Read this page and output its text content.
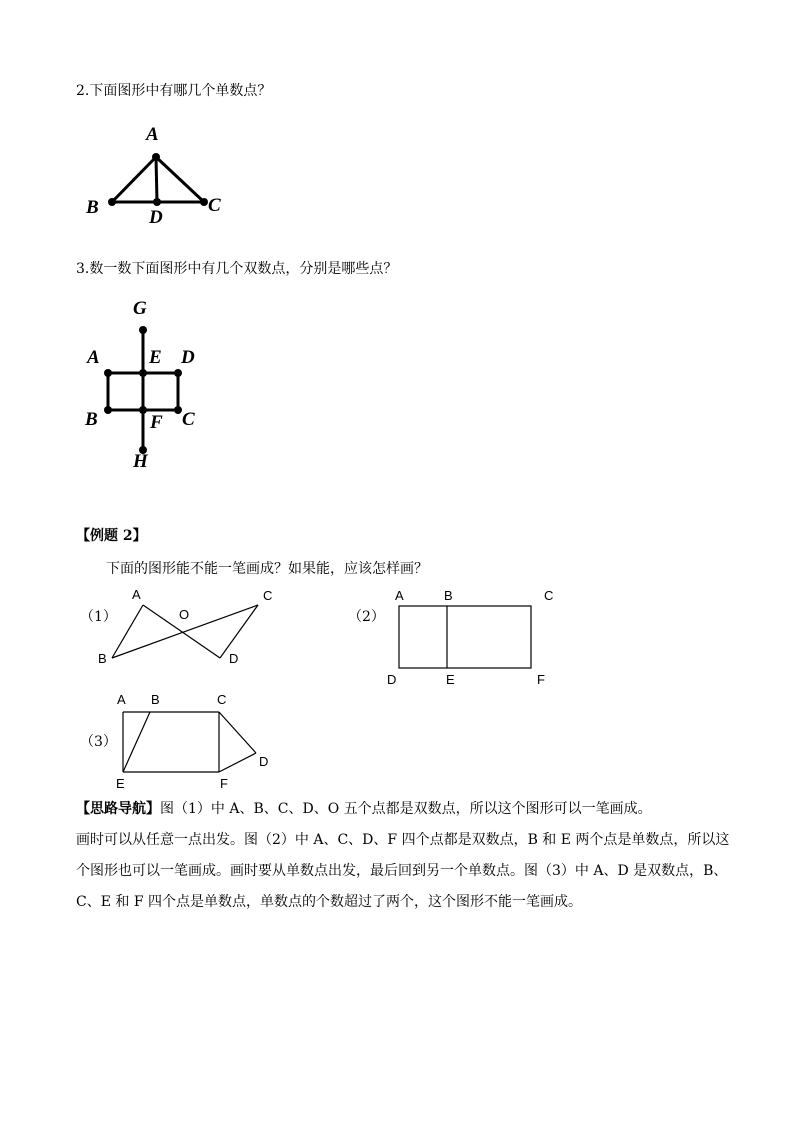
2.下面图形中有哪几个单数点？
A
B	C
D
3.数一数下面图形中有几个双数点，分别是哪些点？
G
A	E D
B	F C
H
【例题 2】
下面的图形能不能一笔画成？如果能，应该怎样画？
（1）
A
B
C
D
O	（2）
A	B	C
D	E	F
（3）
A B	C
D
E	F
【思路导航】图（1）中 A、B、C、D、O 五个点都是双数点，所以这个图形可以一笔画成。
画时可以从任意一点出发。图（2）中 A、C、D、F 四个点都是双数点，B 和 E 两个点是单数点，所以这
个图形也可以一笔画成。画时要从单数点出发，最后回到另一个单数点。图（3）中 A、D 是双数点，B、
C、E 和 F 四个点是单数点，单数点的个数超过了两个，这个图形不能一笔画成。
